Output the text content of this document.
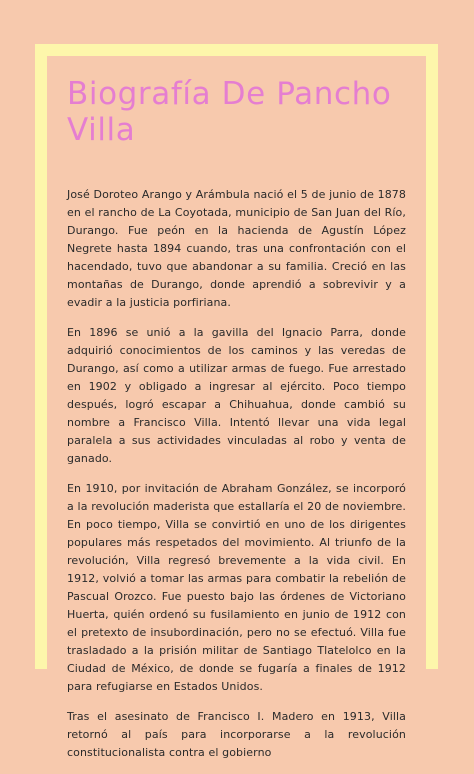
Biografía De Pancho
Villa

José Doroteo Arango y Arámbula nació el 5 de junio de 1878 en el rancho de La Coyotada, municipio de San Juan del Río, Durango. Fue peón en la hacienda de Agustín López Negrete hasta 1894 cuando, tras una confrontación con el hacendado, tuvo que abandonar a su familia. Creció en las montañas de Durango, donde aprendió a sobrevivir y a evadir a la justicia porfiriana.

En 1896 se unió a la gavilla del Ignacio Parra, donde adquirió conocimientos de los caminos y las veredas de Durango, así como a utilizar armas de fuego. Fue arrestado en 1902 y obligado a ingresar al ejército. Poco tiempo después, logró escapar a Chihuahua, donde cambió su nombre a Francisco Villa. Intentó llevar una vida legal paralela a sus actividades vinculadas al robo y venta de ganado.

En 1910, por invitación de Abraham González, se incorporó a la revolución maderista que estallaría el 20 de noviembre. En poco tiempo, Villa se convirtió en uno de los dirigentes populares más respetados del movimiento. Al triunfo de la revolución, Villa regresó brevemente a la vida civil. En 1912, volvió a tomar las armas para combatir la rebelión de Pascual Orozco. Fue puesto bajo las órdenes de Victoriano Huerta, quién ordenó su fusilamiento en junio de 1912 con el pretexto de insubordinación, pero no se efectuó. Villa fue trasladado a la prisión militar de Santiago Tlatelolco en la Ciudad de México, de donde se fugaría a finales de 1912 para refugiarse en Estados Unidos.

Tras el asesinato de Francisco I. Madero en 1913, Villa retornó al país para incorporarse a la revolución constitucionalista contra el gobierno
